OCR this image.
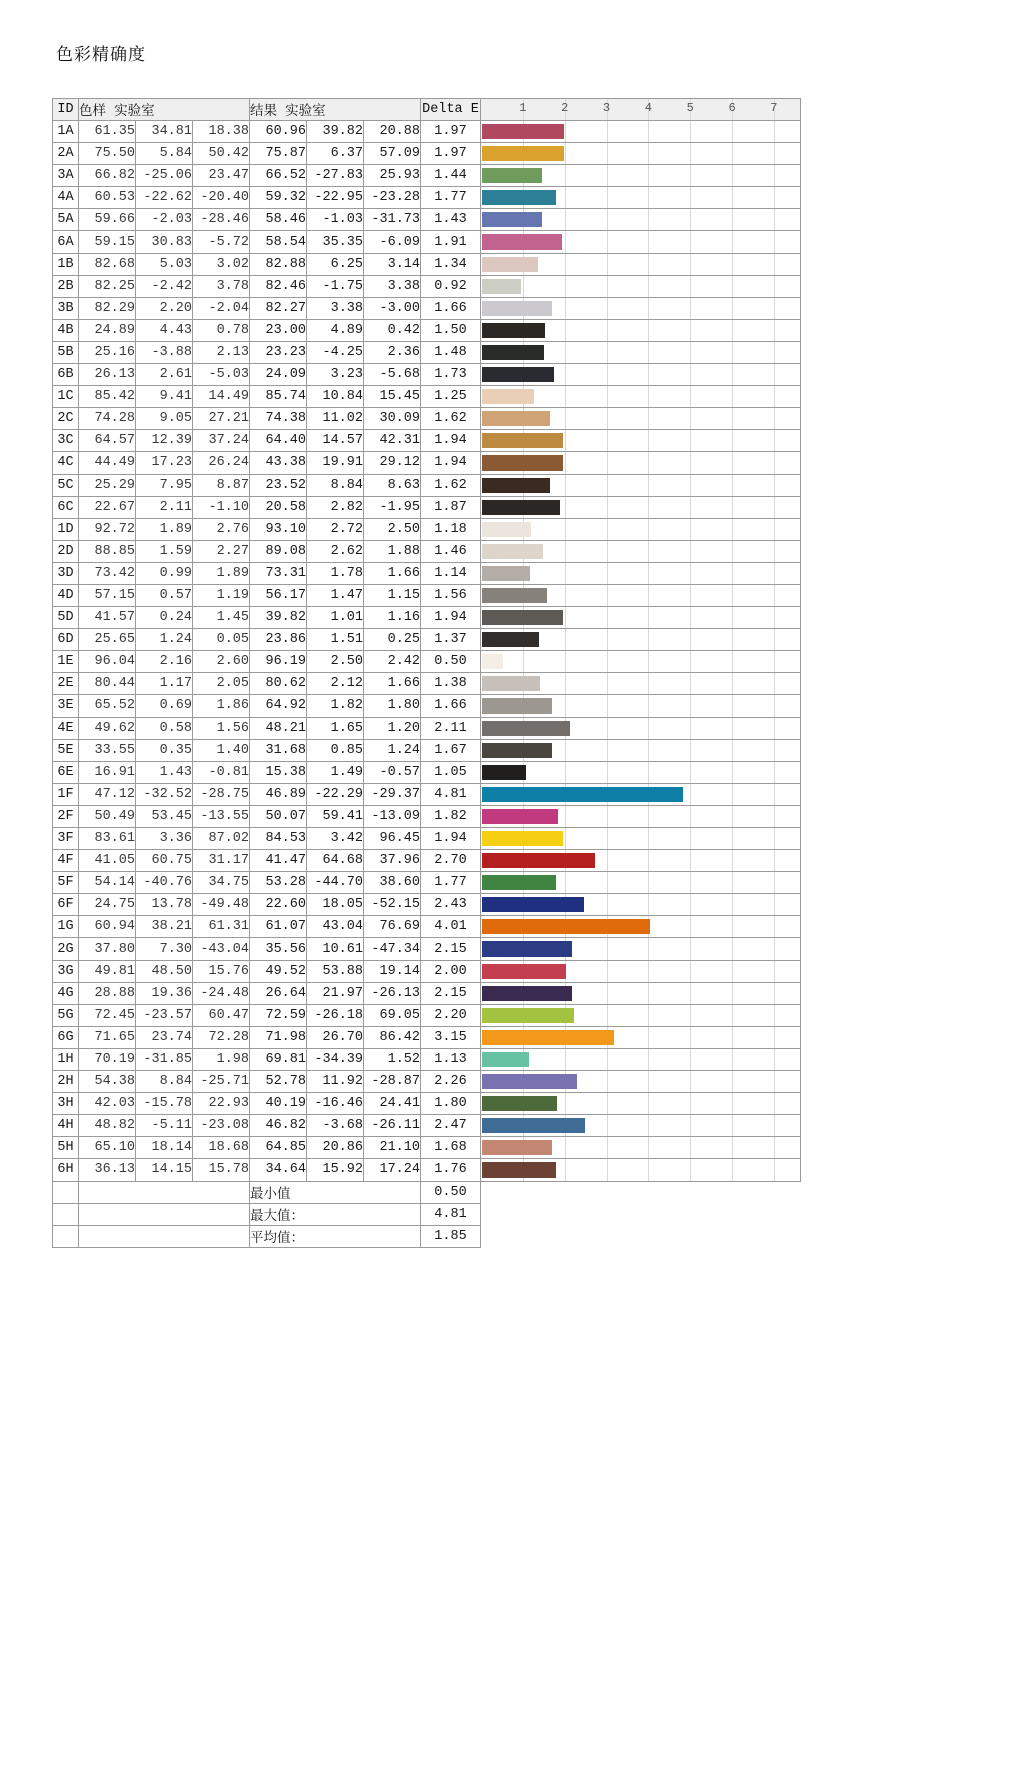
色彩精确度
ID	色样 实验室	结果 实验室	Delta E	1	2	3	4	5	6	7

1A	61.35	34.81	18.38	60.96	39.82	20.88	1.97	

2A	75.50	5.84	50.42	75.87	6.37	57.09	1.97	

3A	66.82	-25.06	23.47	66.52	-27.83	25.93	1.44	

4A	60.53	-22.62	-20.40	59.32	-22.95	-23.28	1.77	

5A	59.66	-2.03	-28.46	58.46	-1.03	-31.73	1.43	

6A	59.15	30.83	-5.72	58.54	35.35	-6.09	1.91	

1B	82.68	5.03	3.02	82.88	6.25	3.14	1.34	

2B	82.25	-2.42	3.78	82.46	-1.75	3.38	0.92	

3B	82.29	2.20	-2.04	82.27	3.38	-3.00	1.66	

4B	24.89	4.43	0.78	23.00	4.89	0.42	1.50	

5B	25.16	-3.88	2.13	23.23	-4.25	2.36	1.48	

6B	26.13	2.61	-5.03	24.09	3.23	-5.68	1.73	

1C	85.42	9.41	14.49	85.74	10.84	15.45	1.25	

2C	74.28	9.05	27.21	74.38	11.02	30.09	1.62	

3C	64.57	12.39	37.24	64.40	14.57	42.31	1.94	

4C	44.49	17.23	26.24	43.38	19.91	29.12	1.94	

5C	25.29	7.95	8.87	23.52	8.84	8.63	1.62	

6C	22.67	2.11	-1.10	20.58	2.82	-1.95	1.87	

1D	92.72	1.89	2.76	93.10	2.72	2.50	1.18	

2D	88.85	1.59	2.27	89.08	2.62	1.88	1.46	

3D	73.42	0.99	1.89	73.31	1.78	1.66	1.14	

4D	57.15	0.57	1.19	56.17	1.47	1.15	1.56	

5D	41.57	0.24	1.45	39.82	1.01	1.16	1.94	

6D	25.65	1.24	0.05	23.86	1.51	0.25	1.37	

1E	96.04	2.16	2.60	96.19	2.50	2.42	0.50	

2E	80.44	1.17	2.05	80.62	2.12	1.66	1.38	

3E	65.52	0.69	1.86	64.92	1.82	1.80	1.66	

4E	49.62	0.58	1.56	48.21	1.65	1.20	2.11	

5E	33.55	0.35	1.40	31.68	0.85	1.24	1.67	

6E	16.91	1.43	-0.81	15.38	1.49	-0.57	1.05	

1F	47.12	-32.52	-28.75	46.89	-22.29	-29.37	4.81	

2F	50.49	53.45	-13.55	50.07	59.41	-13.09	1.82	

3F	83.61	3.36	87.02	84.53	3.42	96.45	1.94	

4F	41.05	60.75	31.17	41.47	64.68	37.96	2.70	

5F	54.14	-40.76	34.75	53.28	-44.70	38.60	1.77	

6F	24.75	13.78	-49.48	22.60	18.05	-52.15	2.43	

1G	60.94	38.21	61.31	61.07	43.04	76.69	4.01	

2G	37.80	7.30	-43.04	35.56	10.61	-47.34	2.15	

3G	49.81	48.50	15.76	49.52	53.88	19.14	2.00	

4G	28.88	19.36	-24.48	26.64	21.97	-26.13	2.15	

5G	72.45	-23.57	60.47	72.59	-26.18	69.05	2.20	

6G	71.65	23.74	72.28	71.98	26.70	86.42	3.15	

1H	70.19	-31.85	1.98	69.81	-34.39	1.52	1.13	

2H	54.38	8.84	-25.71	52.78	11.92	-28.87	2.26	

3H	42.03	-15.78	22.93	40.19	-16.46	24.41	1.80	

4H	48.82	-5.11	-23.08	46.82	-3.68	-26.11	2.47	

5H	65.10	18.14	18.68	64.85	20.86	21.10	1.68	

6H	36.13	14.15	15.78	34.64	15.92	17.24	1.76	

				最小值			0.50	
				最大值：			4.81	
				平均值：			1.85	
